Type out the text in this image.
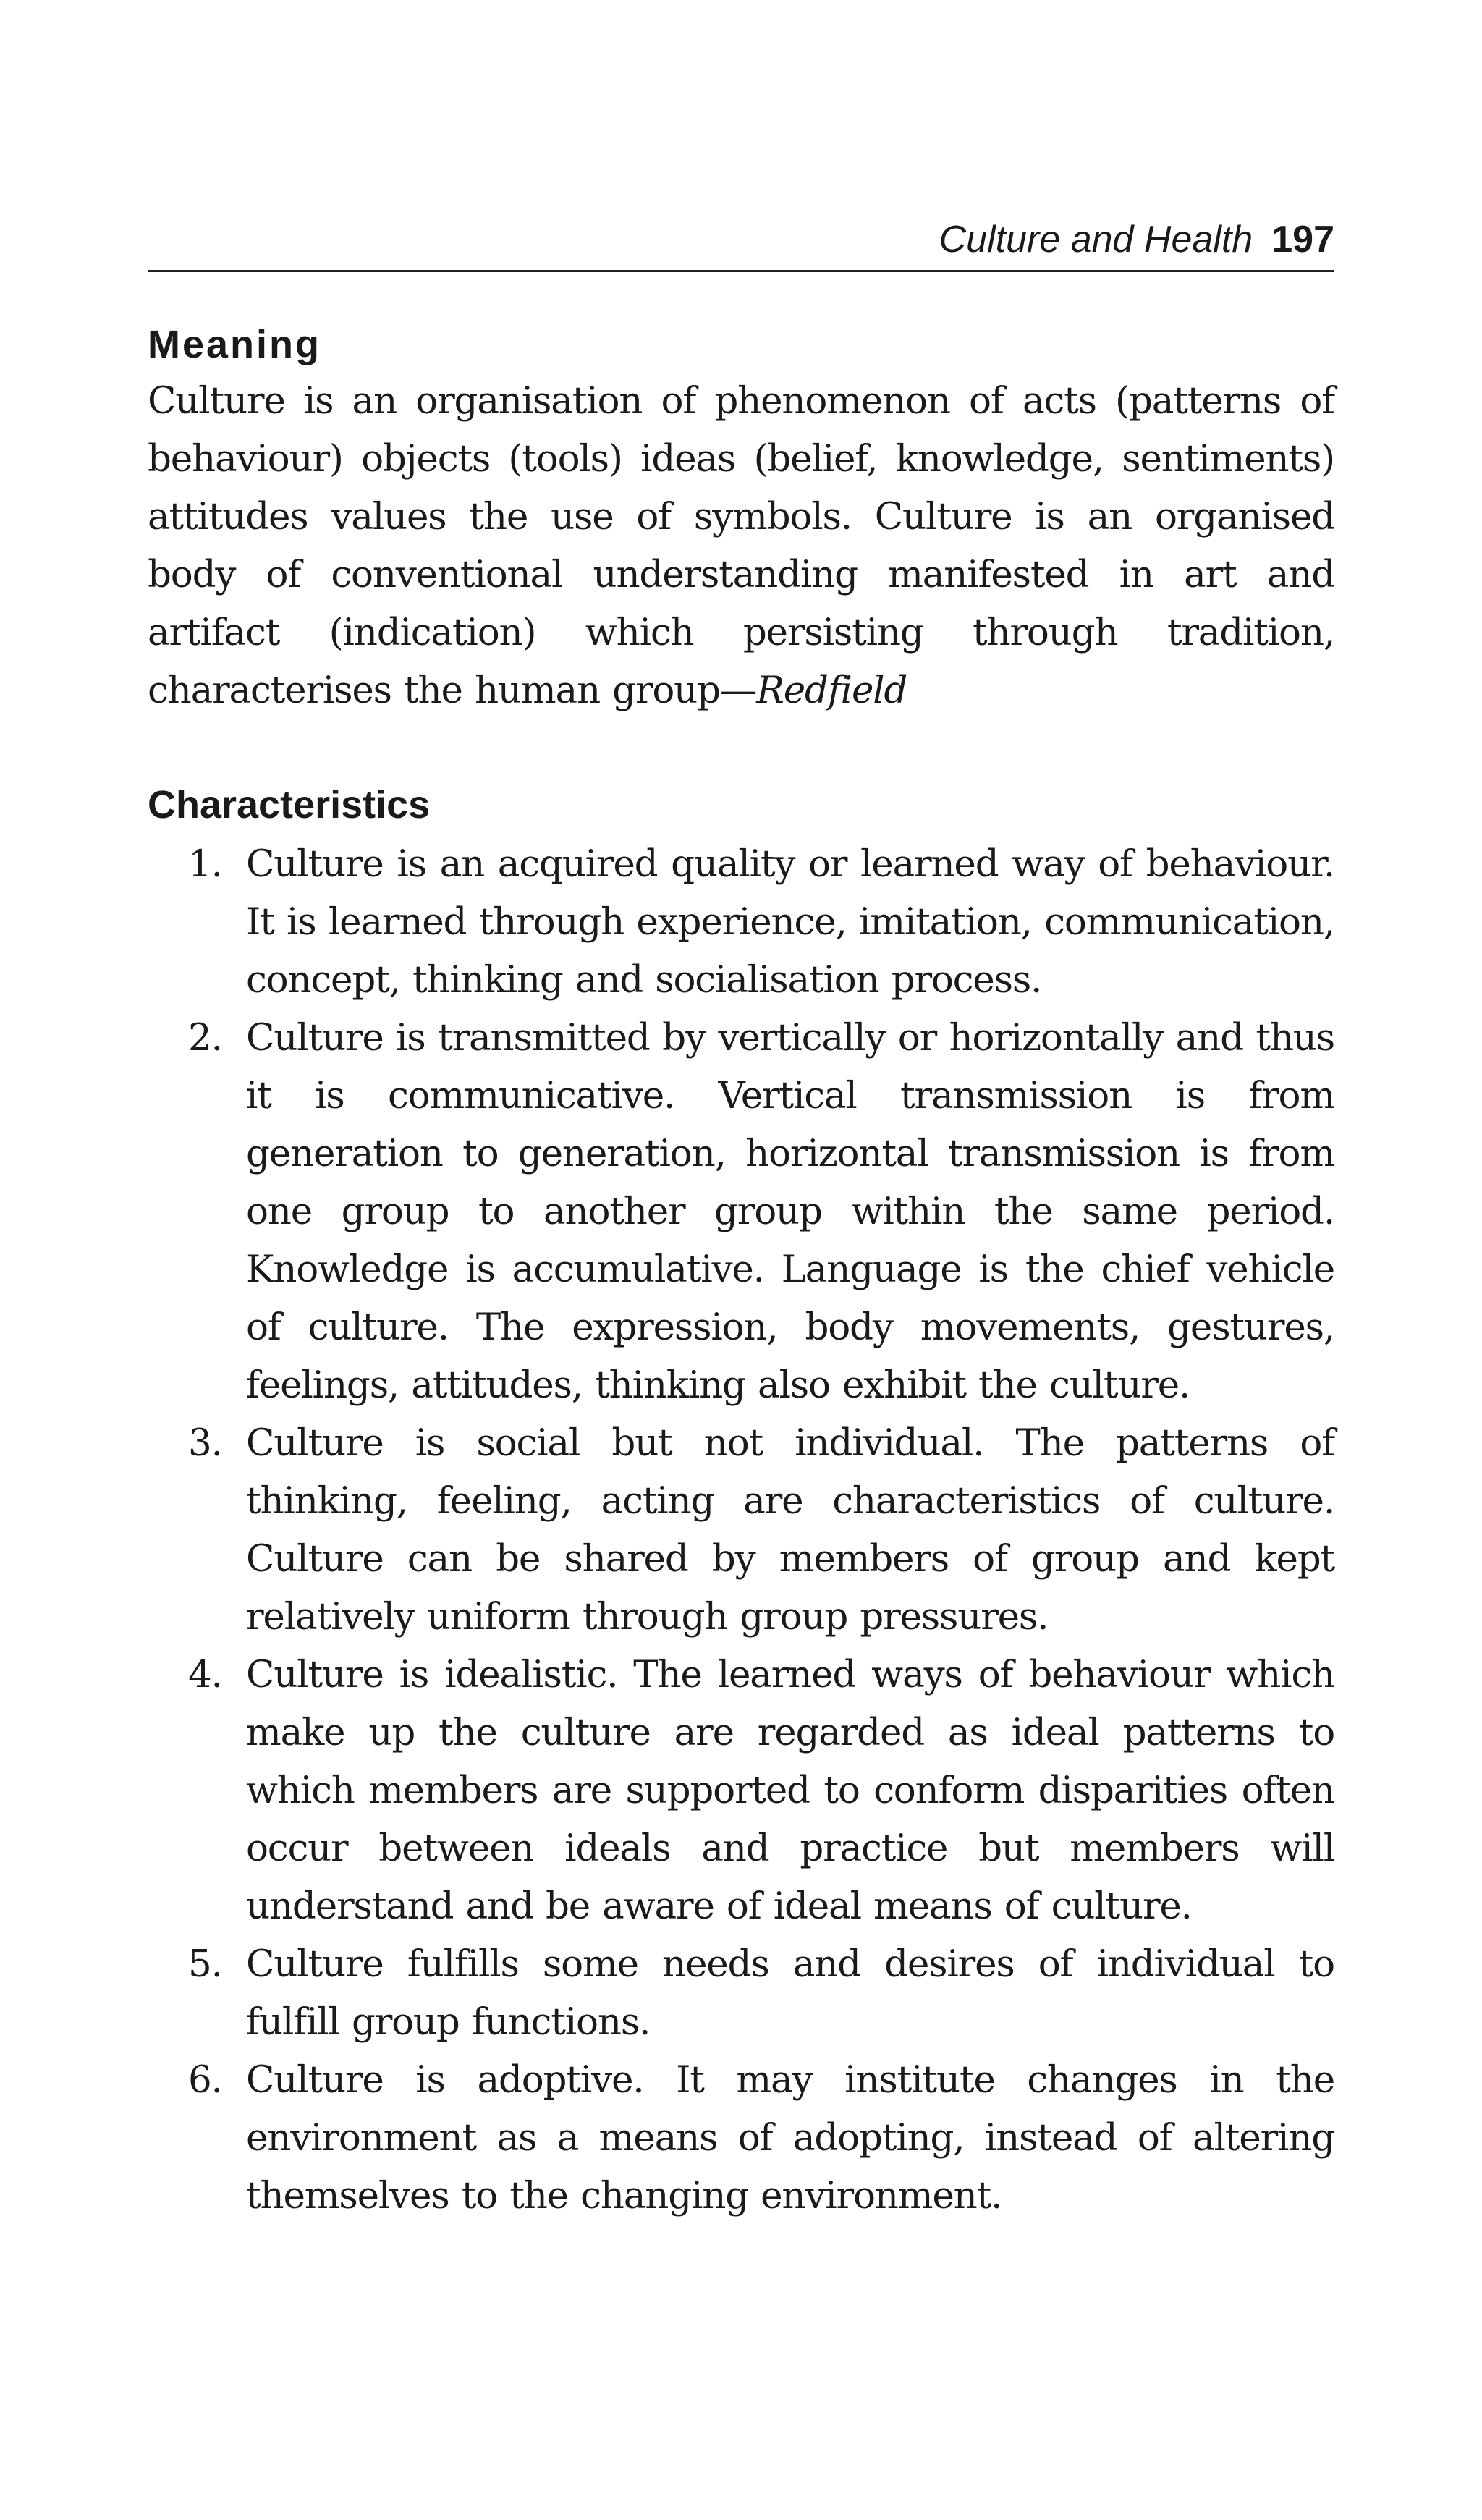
Culture and Health 197
Meaning

Culture is an organisation of phenomenon of acts (patterns of behaviour) objects (tools) ideas (belief, knowledge, sentiments) attitudes values the use of symbols. Culture is an organised body of conventional understanding manifested in art and artifact (indication) which persisting through tradition, characterises the human group—Redfield

Characteristics
1. Culture is an acquired quality or learned way of behaviour. It is learned through experience, imitation, communication, concept, thinking and socialisation process.
2. Culture is transmitted by vertically or horizontally and thus it is communicative. Vertical transmission is from generation to generation, horizontal transmission is from one group to another group within the same period. Knowledge is accumulative. Language is the chief vehicle of culture. The expression, body movements, gestures, feelings, attitudes, thinking also exhibit the culture.
3. Culture is social but not individual. The patterns of thinking, feeling, acting are characteristics of culture. Culture can be shared by members of group and kept relatively uniform through group pressures.
4. Culture is idealistic. The learned ways of behaviour which make up the culture are regarded as ideal patterns to which members are supported to conform disparities often occur between ideals and practice but members will understand and be aware of ideal means of culture.
5. Culture fulfills some needs and desires of individual to fulfill group functions.
6. Culture is adoptive. It may institute changes in the environment as a means of adopting, instead of altering themselves to the changing environment.
